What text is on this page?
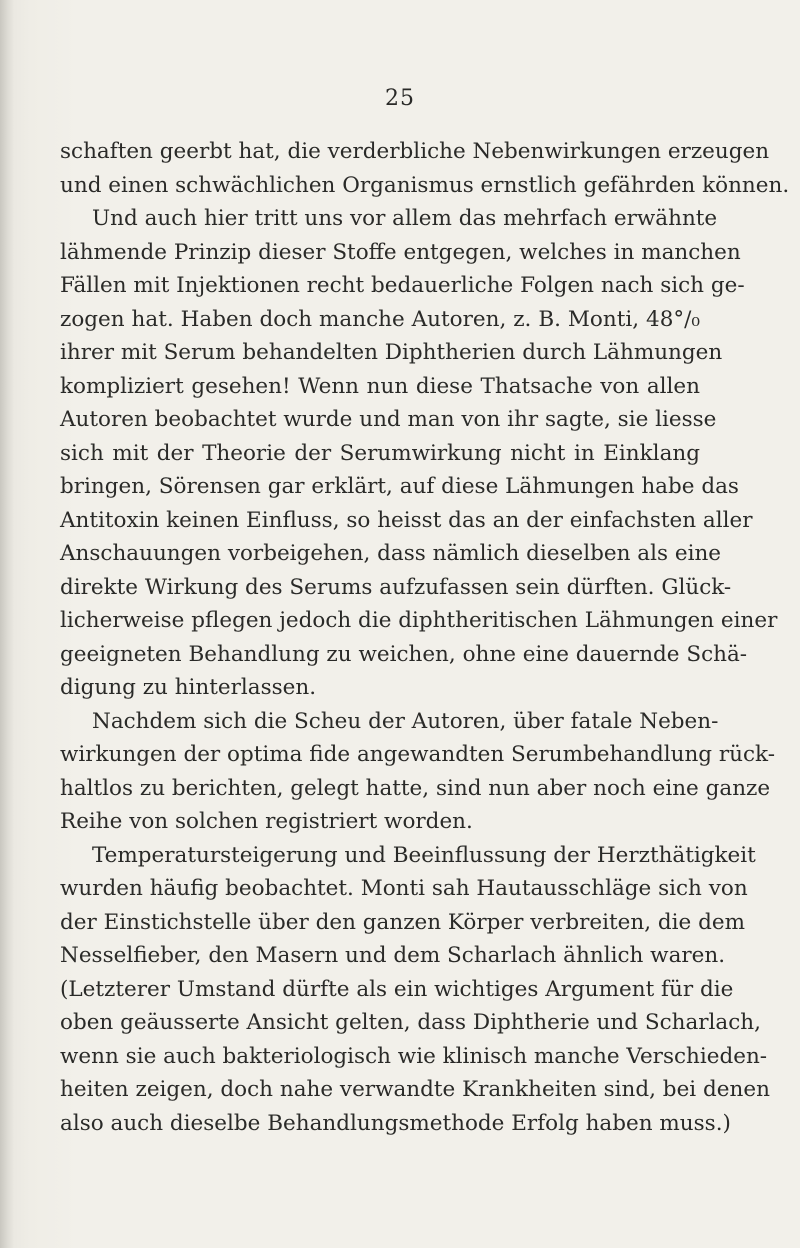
25
schaften geerbt hat, die verderbliche Nebenwirkungen erzeugen
und einen schwächlichen Organismus ernstlich gefährden können.
Und auch hier tritt uns vor allem das mehrfach erwähnte
lähmende Prinzip dieser Stoffe entgegen, welches in manchen
Fällen mit Injektionen recht bedauerliche Folgen nach sich ge-
zogen hat. Haben doch manche Autoren, z. B. Monti, 48°/₀
ihrer mit Serum behandelten Diphtherien durch Lähmungen
kompliziert gesehen! Wenn nun diese Thatsache von allen
Autoren beobachtet wurde und man von ihr sagte, sie liesse
sich mit der Theorie der Serumwirkung nicht in Einklang
bringen, Sörensen gar erklärt, auf diese Lähmungen habe das
Antitoxin keinen Einfluss, so heisst das an der einfachsten aller
Anschauungen vorbeigehen, dass nämlich dieselben als eine
direkte Wirkung des Serums aufzufassen sein dürften. Glück-
licherweise pflegen jedoch die diphtheritischen Lähmungen einer
geeigneten Behandlung zu weichen, ohne eine dauernde Schä-
digung zu hinterlassen.
Nachdem sich die Scheu der Autoren, über fatale Neben-
wirkungen der optima fide angewandten Serumbehandlung rück-
haltlos zu berichten, gelegt hatte, sind nun aber noch eine ganze
Reihe von solchen registriert worden.
Temperatursteigerung und Beeinflussung der Herzthätigkeit
wurden häufig beobachtet. Monti sah Hautausschläge sich von
der Einstichstelle über den ganzen Körper verbreiten, die dem
Nesselfieber, den Masern und dem Scharlach ähnlich waren.
(Letzterer Umstand dürfte als ein wichtiges Argument für die
oben geäusserte Ansicht gelten, dass Diphtherie und Scharlach,
wenn sie auch bakteriologisch wie klinisch manche Verschieden-
heiten zeigen, doch nahe verwandte Krankheiten sind, bei denen
also auch dieselbe Behandlungsmethode Erfolg haben muss.)
